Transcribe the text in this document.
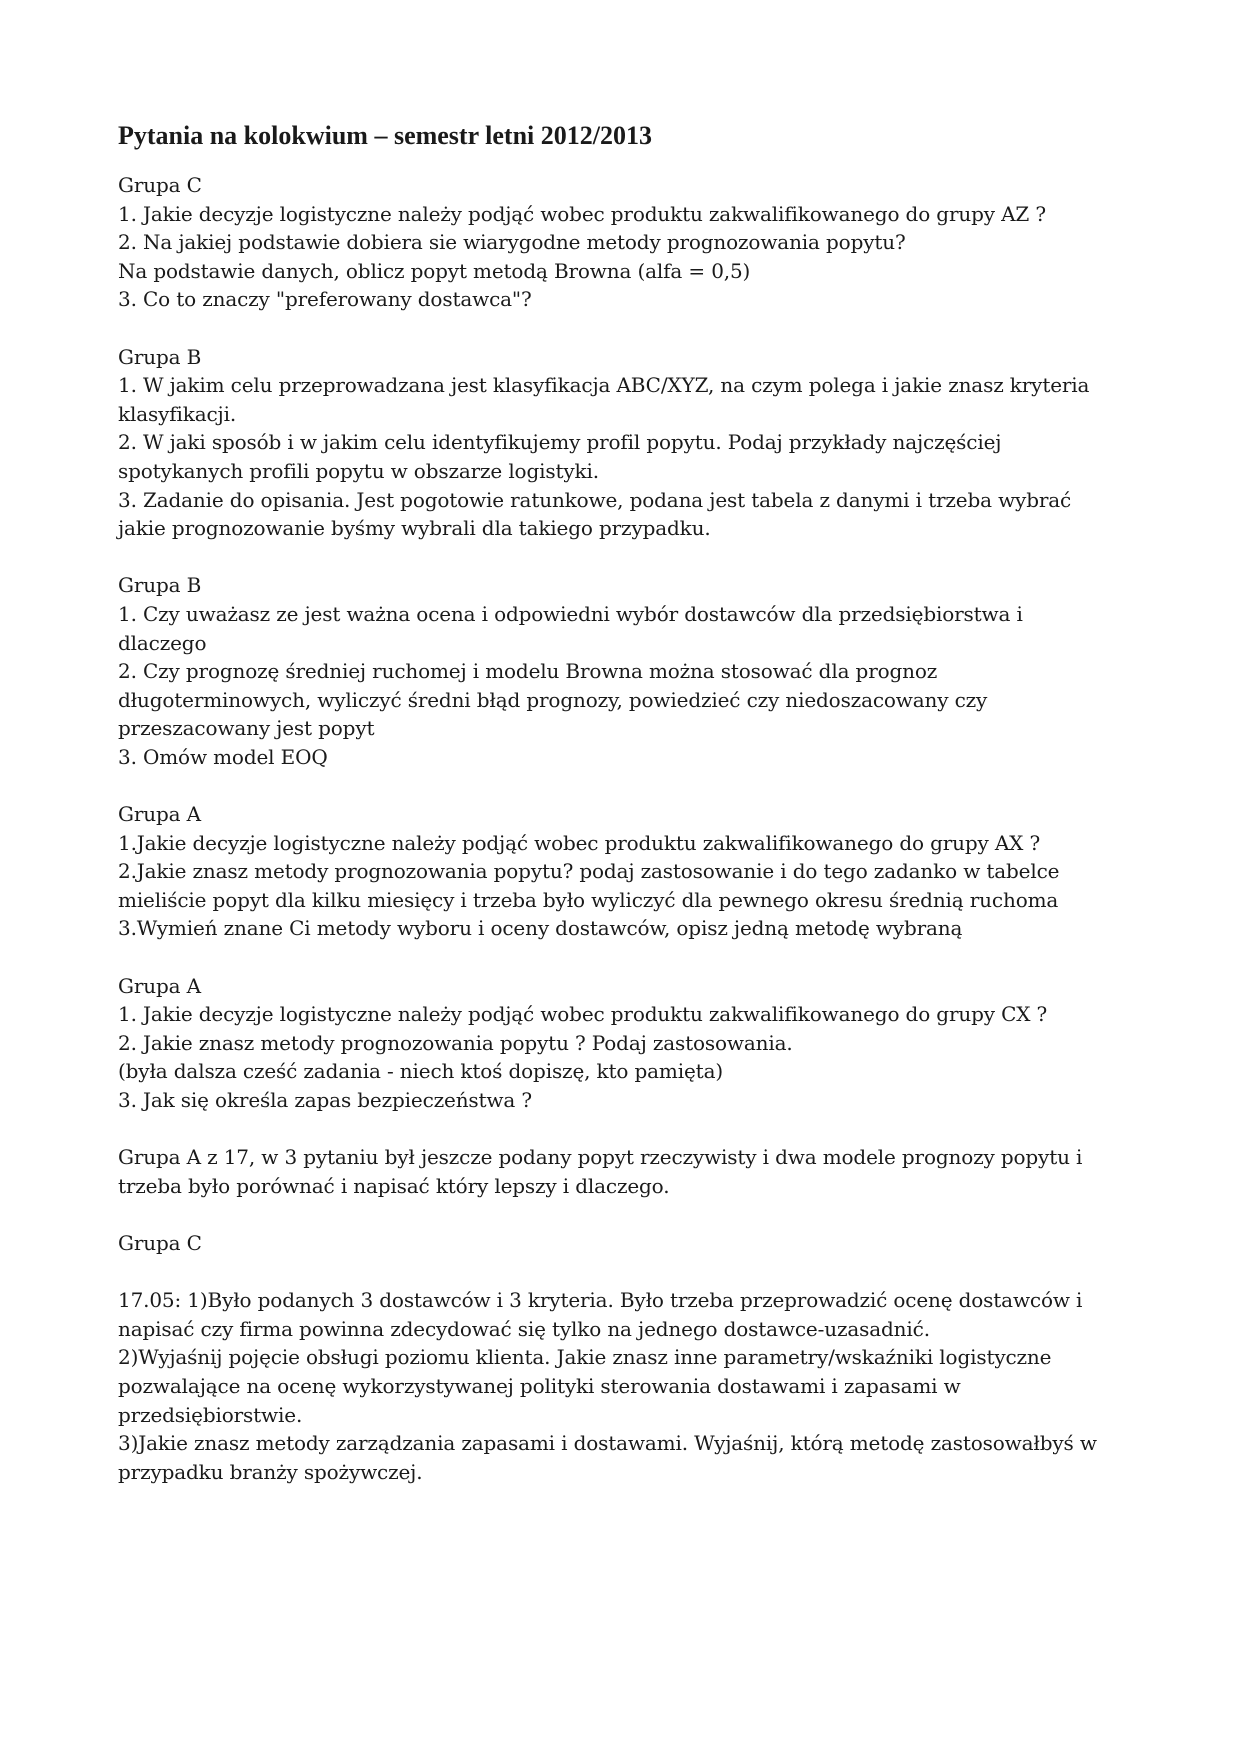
Pytania na kolokwium – semestr letni 2012/2013
Grupa C
1. Jakie decyzje logistyczne należy podjąć wobec produktu zakwalifikowanego do grupy AZ ?
2. Na jakiej podstawie dobiera sie wiarygodne metody prognozowania popytu?
Na podstawie danych, oblicz popyt metodą Browna (alfa = 0,5)
3. Co to znaczy "preferowany dostawca"?
Grupa B
1. W jakim celu przeprowadzana jest klasyfikacja ABC/XYZ, na czym polega i jakie znasz kryteria
klasyfikacji.
2. W jaki sposób i w jakim celu identyfikujemy profil popytu. Podaj przykłady najczęściej
spotykanych profili popytu w obszarze logistyki.
3. Zadanie do opisania. Jest pogotowie ratunkowe, podana jest tabela z danymi i trzeba wybrać
jakie prognozowanie byśmy wybrali dla takiego przypadku.
Grupa B
1. Czy uważasz ze jest ważna ocena i odpowiedni wybór dostawców dla przedsiębiorstwa i
dlaczego
2. Czy prognozę średniej ruchomej i modelu Browna można stosować dla prognoz
długoterminowych, wyliczyć średni błąd prognozy, powiedzieć czy niedoszacowany czy
przeszacowany jest popyt
3. Omów model EOQ
Grupa A
1.Jakie decyzje logistyczne należy podjąć wobec produktu zakwalifikowanego do grupy AX ?
2.Jakie znasz metody prognozowania popytu? podaj zastosowanie i do tego zadanko w tabelce
mieliście popyt dla kilku miesięcy i trzeba było wyliczyć dla pewnego okresu średnią ruchoma
3.Wymień znane Ci metody wyboru i oceny dostawców, opisz jedną metodę wybraną
Grupa A
1. Jakie decyzje logistyczne należy podjąć wobec produktu zakwalifikowanego do grupy CX ?
2. Jakie znasz metody prognozowania popytu ? Podaj zastosowania.
(była dalsza cześć zadania - niech ktoś dopiszę, kto pamięta)
3. Jak się określa zapas bezpieczeństwa ?
Grupa A z 17, w 3 pytaniu był jeszcze podany popyt rzeczywisty i dwa modele prognozy popytu i
trzeba było porównać i napisać który lepszy i dlaczego.
Grupa C
17.05: 1)Było podanych 3 dostawców i 3 kryteria. Było trzeba przeprowadzić ocenę dostawców i
napisać czy firma powinna zdecydować się tylko na jednego dostawce-uzasadnić.
2)Wyjaśnij pojęcie obsługi poziomu klienta. Jakie znasz inne parametry/wskaźniki logistyczne
pozwalające na ocenę wykorzystywanej polityki sterowania dostawami i zapasami w
przedsiębiorstwie.
3)Jakie znasz metody zarządzania zapasami i dostawami. Wyjaśnij, którą metodę zastosowałbyś w
przypadku branży spożywczej.
